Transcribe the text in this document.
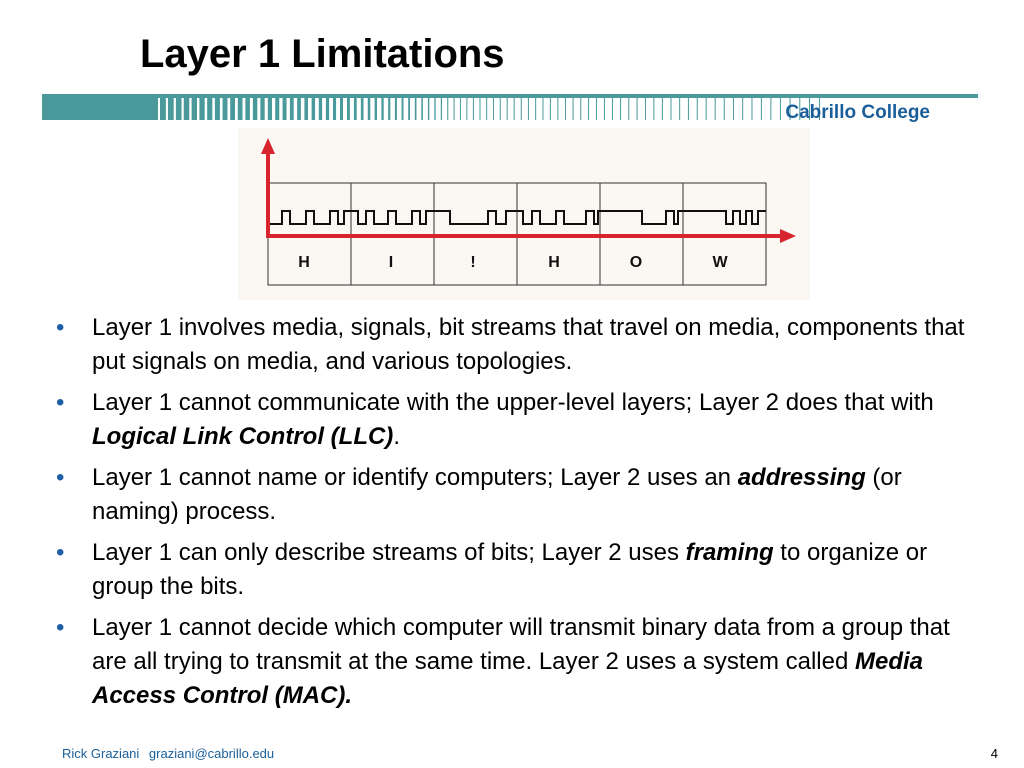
Layer 1 Limitations
Cabrillo College
H	I	!	H	O	W
• Layer 1 involves media, signals, bit streams that travel on media, components that put signals on media, and various topologies.
• Layer 1 cannot communicate with the upper-level layers; Layer 2 does that with Logical Link Control (LLC).
• Layer 1 cannot name or identify computers; Layer 2 uses an addressing (or naming) process.
• Layer 1 can only describe streams of bits; Layer 2 uses framing to organize or group the bits.
• Layer 1 cannot decide which computer will transmit binary data from a group that are all trying to transmit at the same time. Layer 2 uses a system called Media Access Control (MAC).
Rick Graziani graziani@cabrillo.edu	4
